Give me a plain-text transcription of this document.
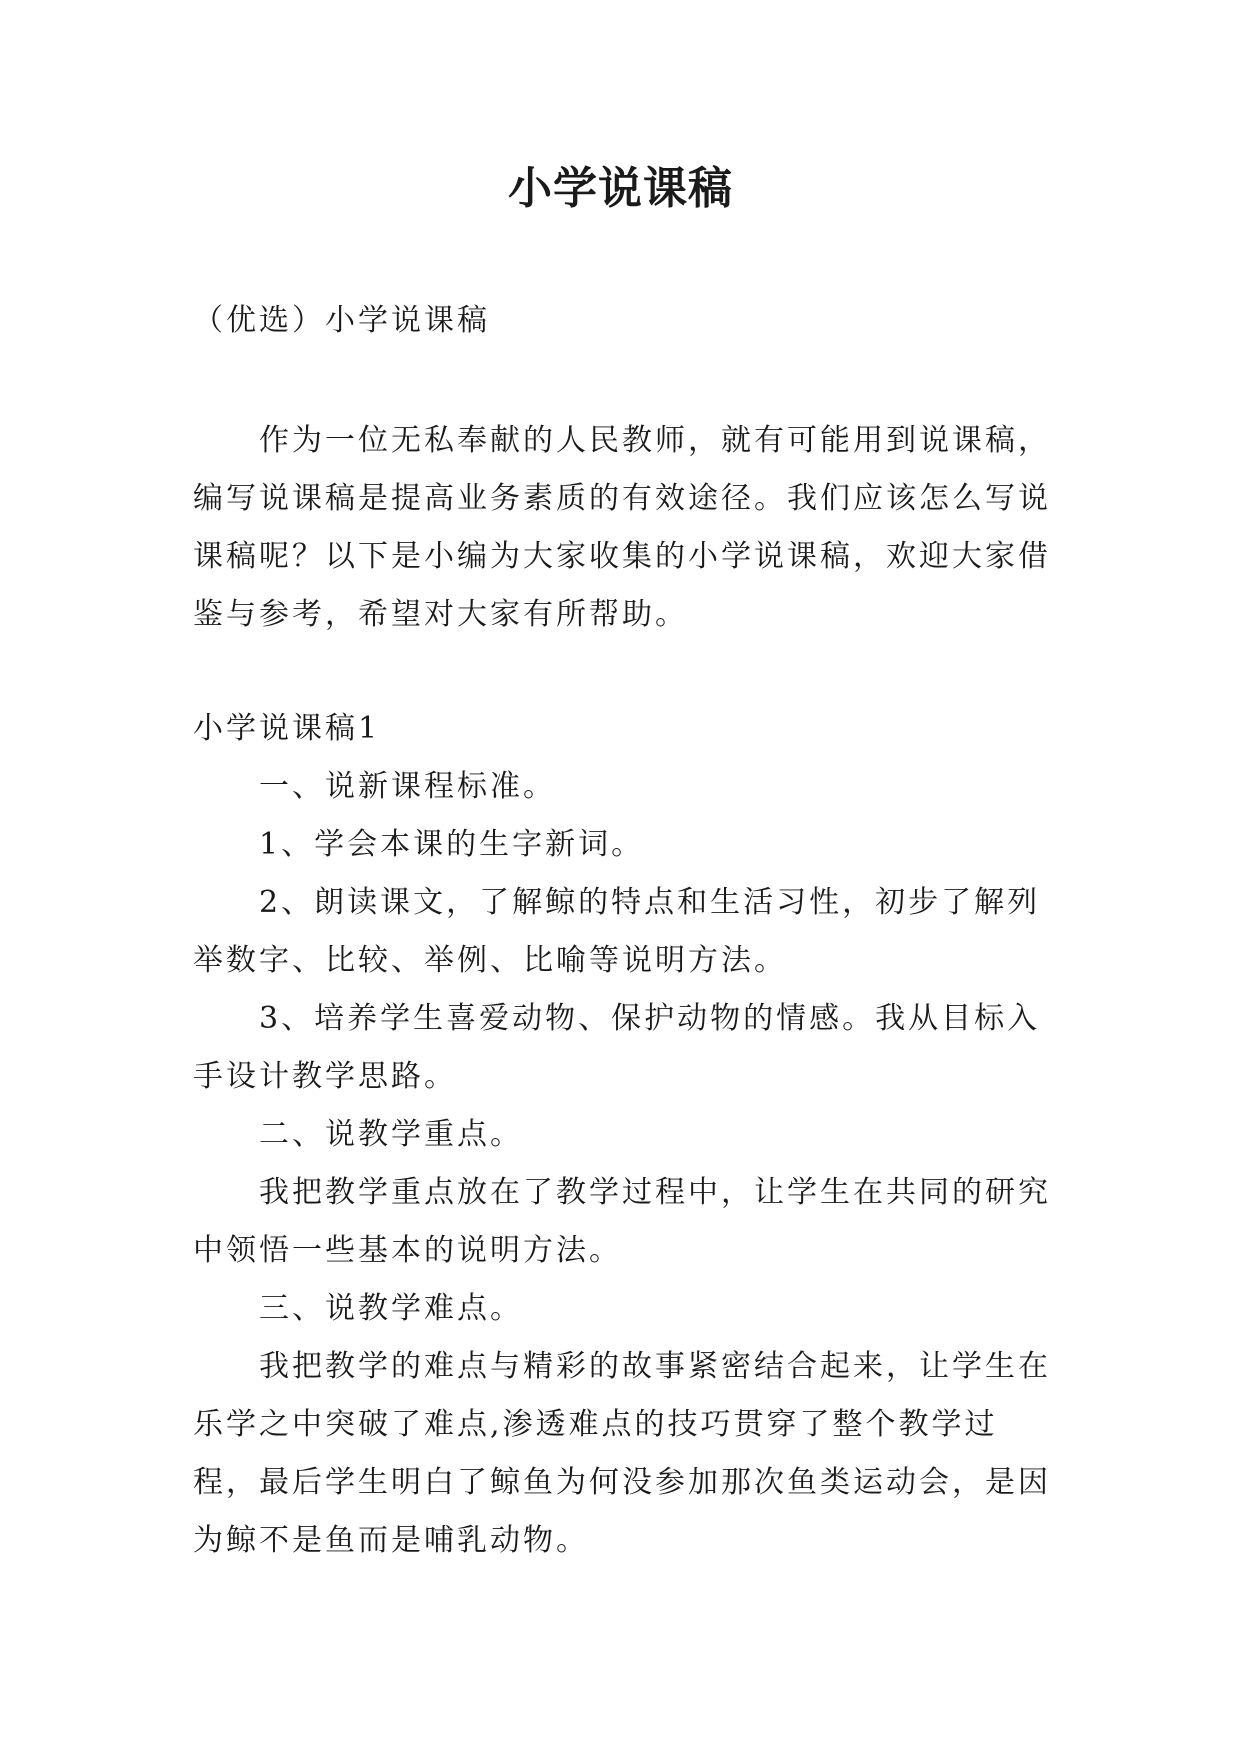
小学说课稿

（优选）小学说课稿

作为一位无私奉献的人民教师，就有可能用到说课稿，编写说课稿是提高业务素质的有效途径。我们应该怎么写说课稿呢？以下是小编为大家收集的小学说课稿，欢迎大家借鉴与参考，希望对大家有所帮助。

小学说课稿1

一、说新课程标准。

1、学会本课的生字新词。

2、朗读课文，了解鲸的特点和生活习性，初步了解列举数字、比较、举例、比喻等说明方法。

3、培养学生喜爱动物、保护动物的情感。我从目标入手设计教学思路。

二、说教学重点。

我把教学重点放在了教学过程中，让学生在共同的研究中领悟一些基本的说明方法。

三、说教学难点。

我把教学的难点与精彩的故事紧密结合起来，让学生在乐学之中突破了难点,渗透难点的技巧贯穿了整个教学过程，最后学生明白了鲸鱼为何没参加那次鱼类运动会，是因为鲸不是鱼而是哺乳动物。
